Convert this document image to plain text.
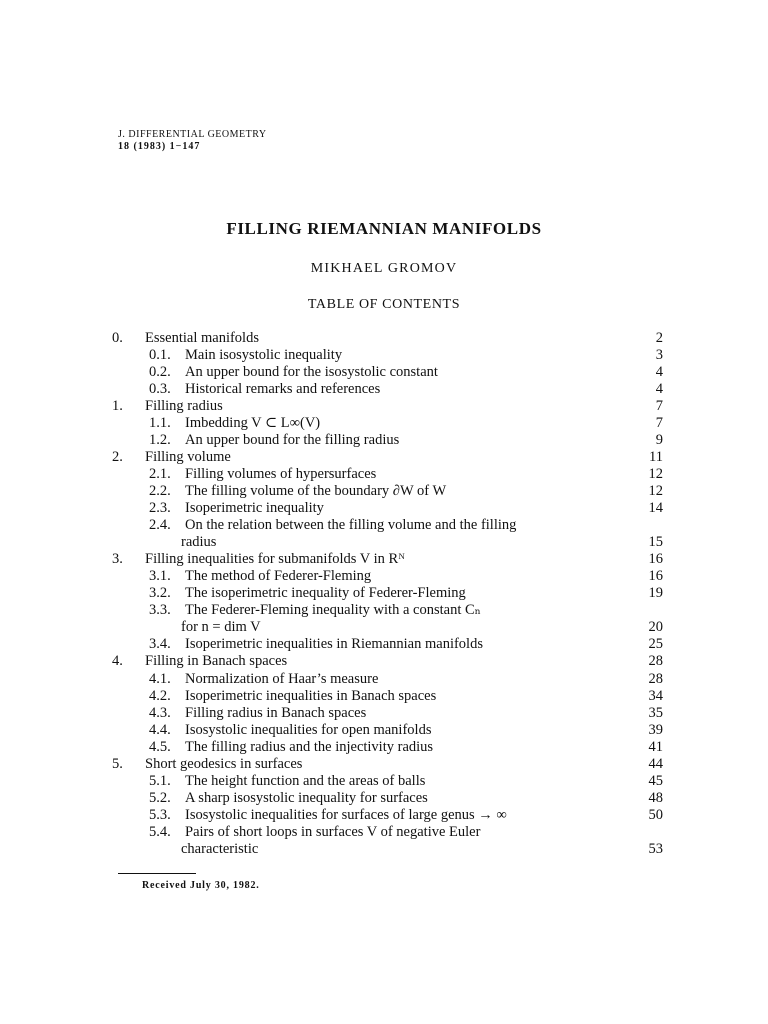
J. DIFFERENTIAL GEOMETRY
18 (1983) 1−147
FILLING RIEMANNIAN MANIFOLDS
MIKHAEL GROMOV
TABLE OF CONTENTS
0. Essential manifolds	2
0.1. Main isosystolic inequality	3
0.2. An upper bound for the isosystolic constant	4
0.3. Historical remarks and references	4
1. Filling radius	7
1.1. Imbedding V ⊂ L∞(V)	7
1.2. An upper bound for the filling radius	9
2. Filling volume	11
2.1. Filling volumes of hypersurfaces	12
2.2. The filling volume of the boundary ∂W of W	12
2.3. Isoperimetric inequality	14
2.4. On the relation between the filling volume and the filling
radius	15
3. Filling inequalities for submanifolds V in Rᴺ	16
3.1. The method of Federer-Fleming	16
3.2. The isoperimetric inequality of Federer-Fleming	19
3.3. The Federer-Fleming inequality with a constant Cₙ
for n = dim V	20
3.4. Isoperimetric inequalities in Riemannian manifolds	25
4. Filling in Banach spaces	28
4.1. Normalization of Haar’s measure	28
4.2. Isoperimetric inequalities in Banach spaces	34
4.3. Filling radius in Banach spaces	35
4.4. Isosystolic inequalities for open manifolds	39
4.5. The filling radius and the injectivity radius	41
5. Short geodesics in surfaces	44
5.1. The height function and the areas of balls	45
5.2. A sharp isosystolic inequality for surfaces	48
5.3. Isosystolic inequalities for surfaces of large genus → ∞	50
5.4. Pairs of short loops in surfaces V of negative Euler
characteristic	53
Received July 30, 1982.
